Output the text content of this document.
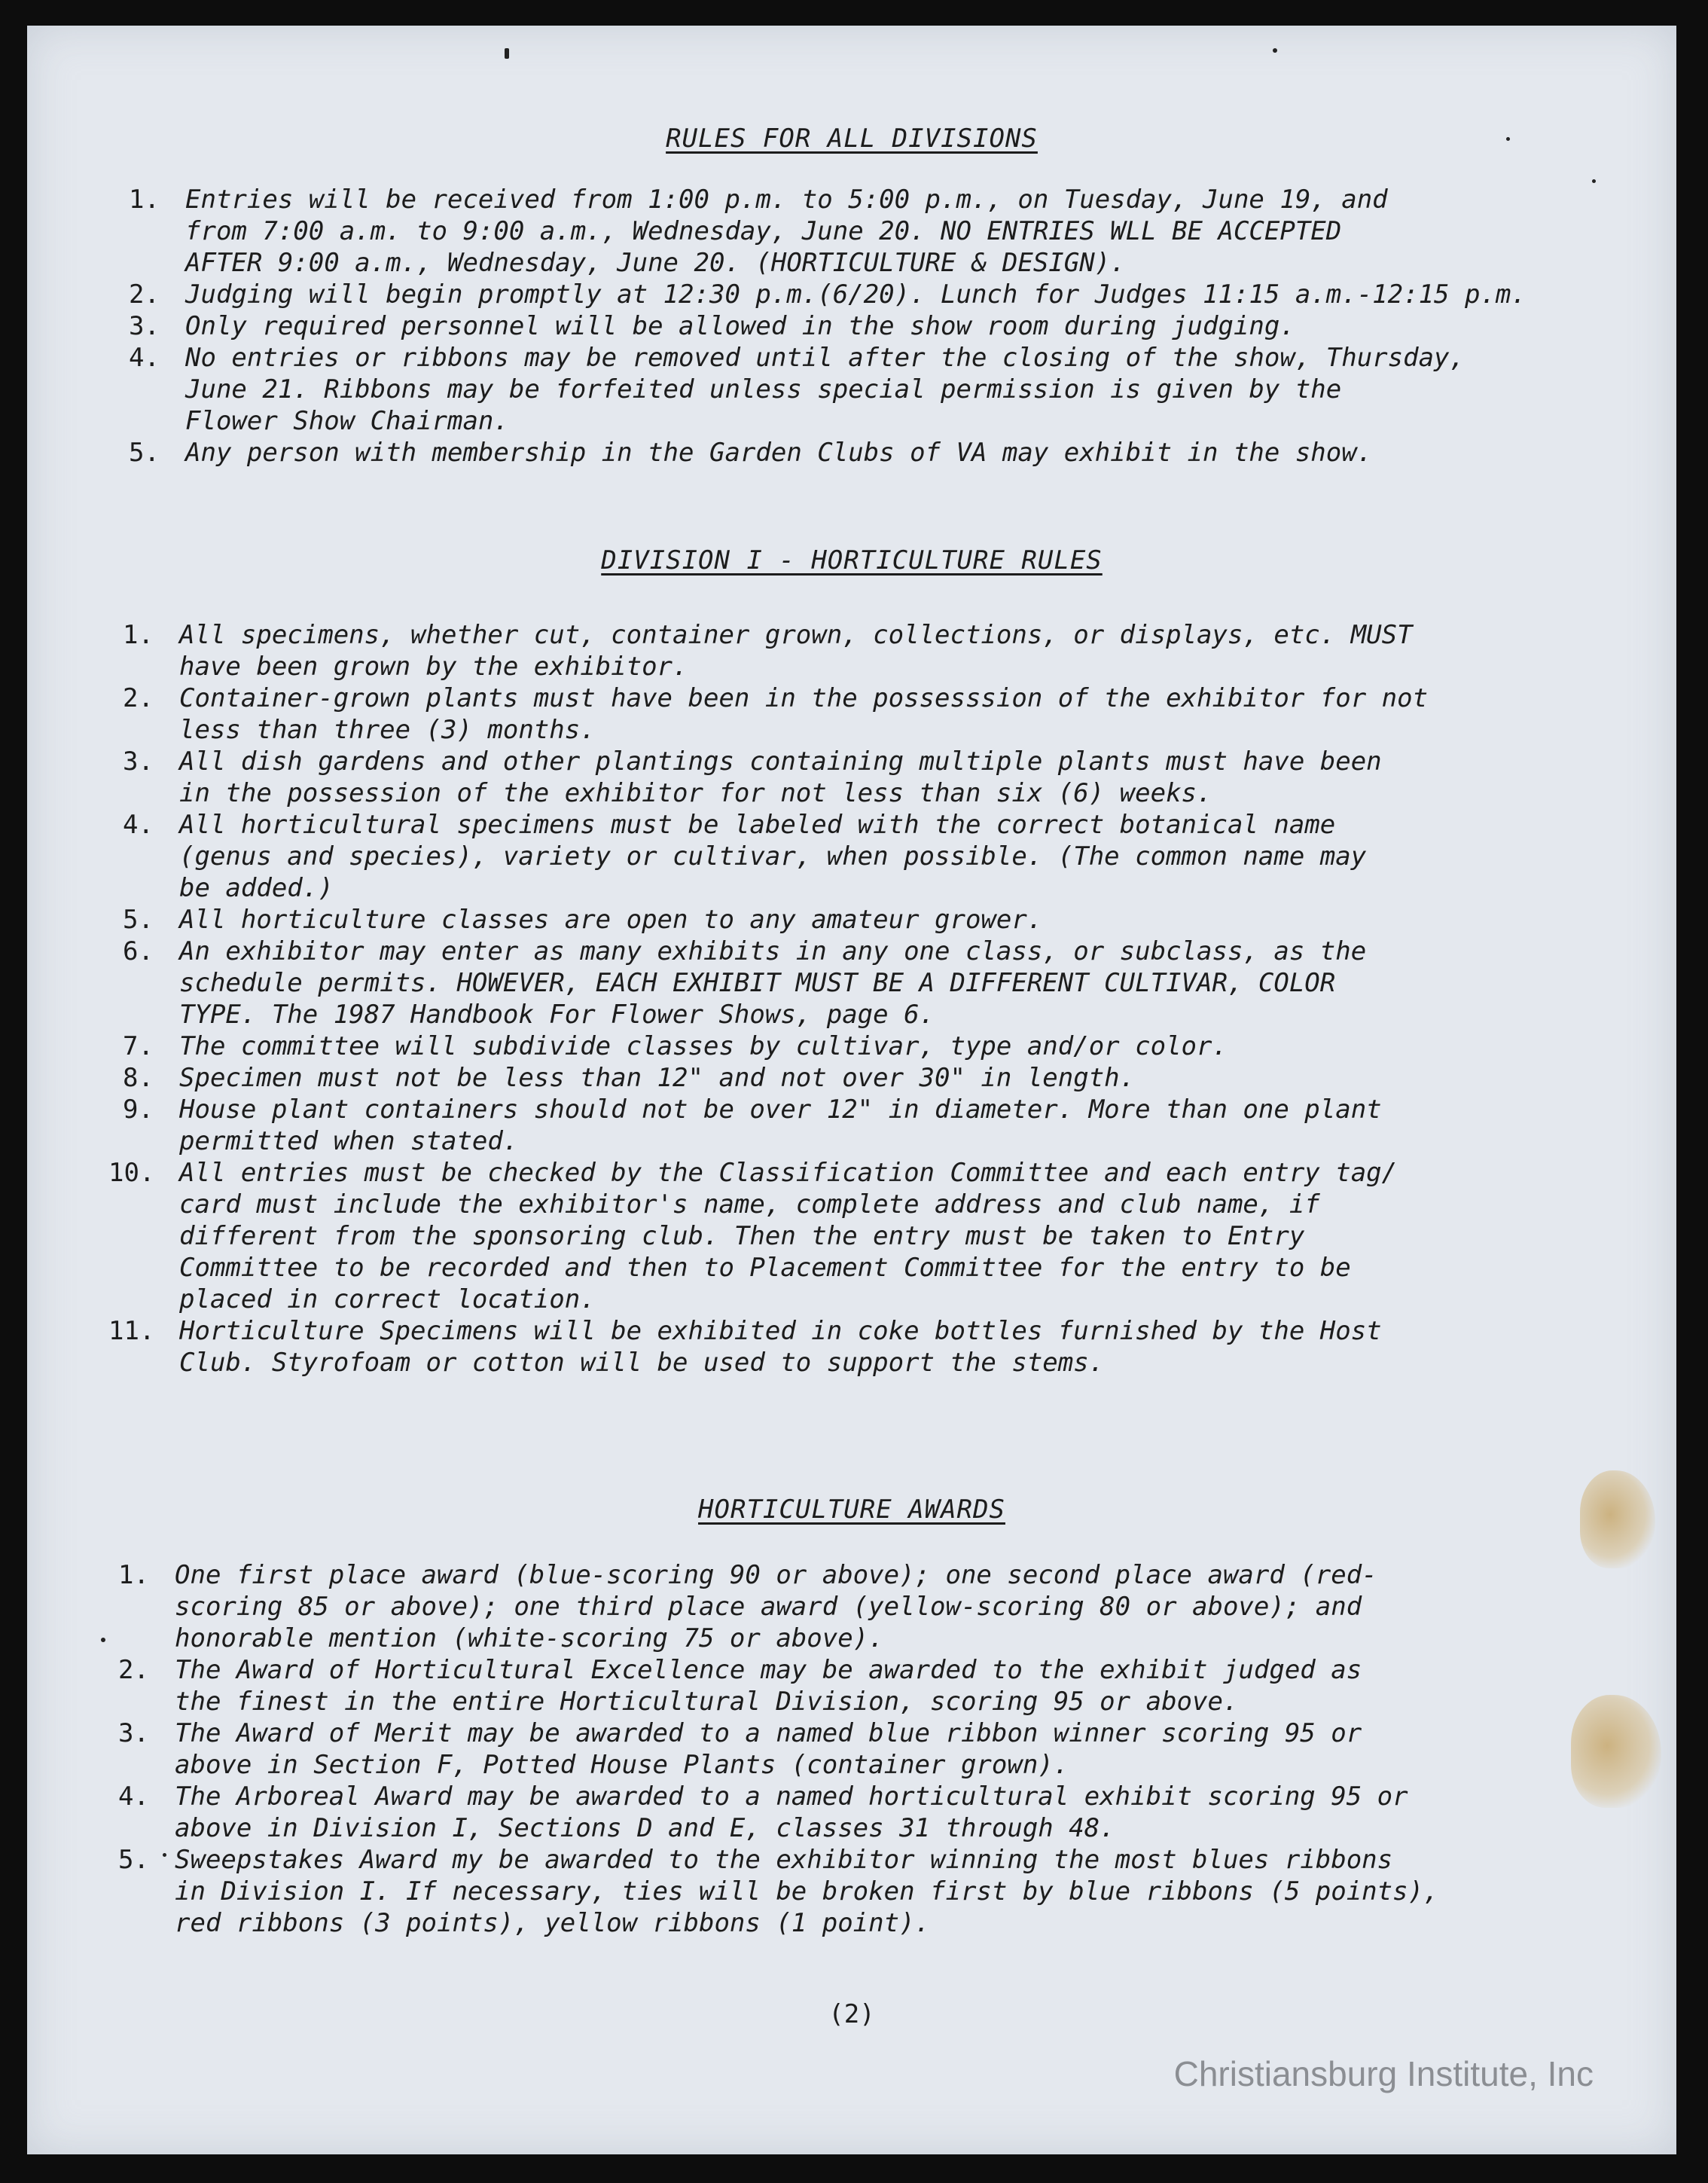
RULES FOR ALL DIVISIONS
1. Entries will be received from 1:00 p.m. to 5:00 p.m., on Tuesday, June 19, and
from 7:00 a.m. to 9:00 a.m., Wednesday, June 20. NO ENTRIES WLL BE ACCEPTED
AFTER 9:00 a.m., Wednesday, June 20. (HORTICULTURE & DESIGN).
2. Judging will begin promptly at 12:30 p.m.(6/20). Lunch for Judges 11:15 a.m.-12:15 p.m.
3. Only required personnel will be allowed in the show room during judging.
4. No entries or ribbons may be removed until after the closing of the show, Thursday,
June 21. Ribbons may be forfeited unless special permission is given by the
Flower Show Chairman.
5. Any person with membership in the Garden Clubs of VA may exhibit in the show.
DIVISION I - HORTICULTURE RULES
1. All specimens, whether cut, container grown, collections, or displays, etc. MUST
have been grown by the exhibitor.
2. Container-grown plants must have been in the possesssion of the exhibitor for not
less than three (3) months.
3. All dish gardens and other plantings containing multiple plants must have been
in the possession of the exhibitor for not less than six (6) weeks.
4. All horticultural specimens must be labeled with the correct botanical name
(genus and species), variety or cultivar, when possible. (The common name may
be added.)
5. All horticulture classes are open to any amateur grower.
6. An exhibitor may enter as many exhibits in any one class, or subclass, as the
schedule permits. HOWEVER, EACH EXHIBIT MUST BE A DIFFERENT CULTIVAR, COLOR
TYPE. The 1987 Handbook For Flower Shows, page 6.
7. The committee will subdivide classes by cultivar, type and/or color.
8. Specimen must not be less than 12" and not over 30" in length.
9. House plant containers should not be over 12" in diameter. More than one plant
permitted when stated.
10. All entries must be checked by the Classification Committee and each entry tag/
card must include the exhibitor's name, complete address and club name, if
different from the sponsoring club. Then the entry must be taken to Entry
Committee to be recorded and then to Placement Committee for the entry to be
placed in correct location.
11. Horticulture Specimens will be exhibited in coke bottles furnished by the Host
Club. Styrofoam or cotton will be used to support the stems.
HORTICULTURE AWARDS
1. One first place award (blue-scoring 90 or above); one second place award (red-
scoring 85 or above); one third place award (yellow-scoring 80 or above); and
honorable mention (white-scoring 75 or above).
2. The Award of Horticultural Excellence may be awarded to the exhibit judged as
the finest in the entire Horticultural Division, scoring 95 or above.
3. The Award of Merit may be awarded to a named blue ribbon winner scoring 95 or
above in Section F, Potted House Plants (container grown).
4. The Arboreal Award may be awarded to a named horticultural exhibit scoring 95 or
above in Division I, Sections D and E, classes 31 through 48.
5. Sweepstakes Award my be awarded to the exhibitor winning the most blues ribbons
in Division I. If necessary, ties will be broken first by blue ribbons (5 points),
red ribbons (3 points), yellow ribbons (1 point).
(2)
Christiansburg Institute, Inc
